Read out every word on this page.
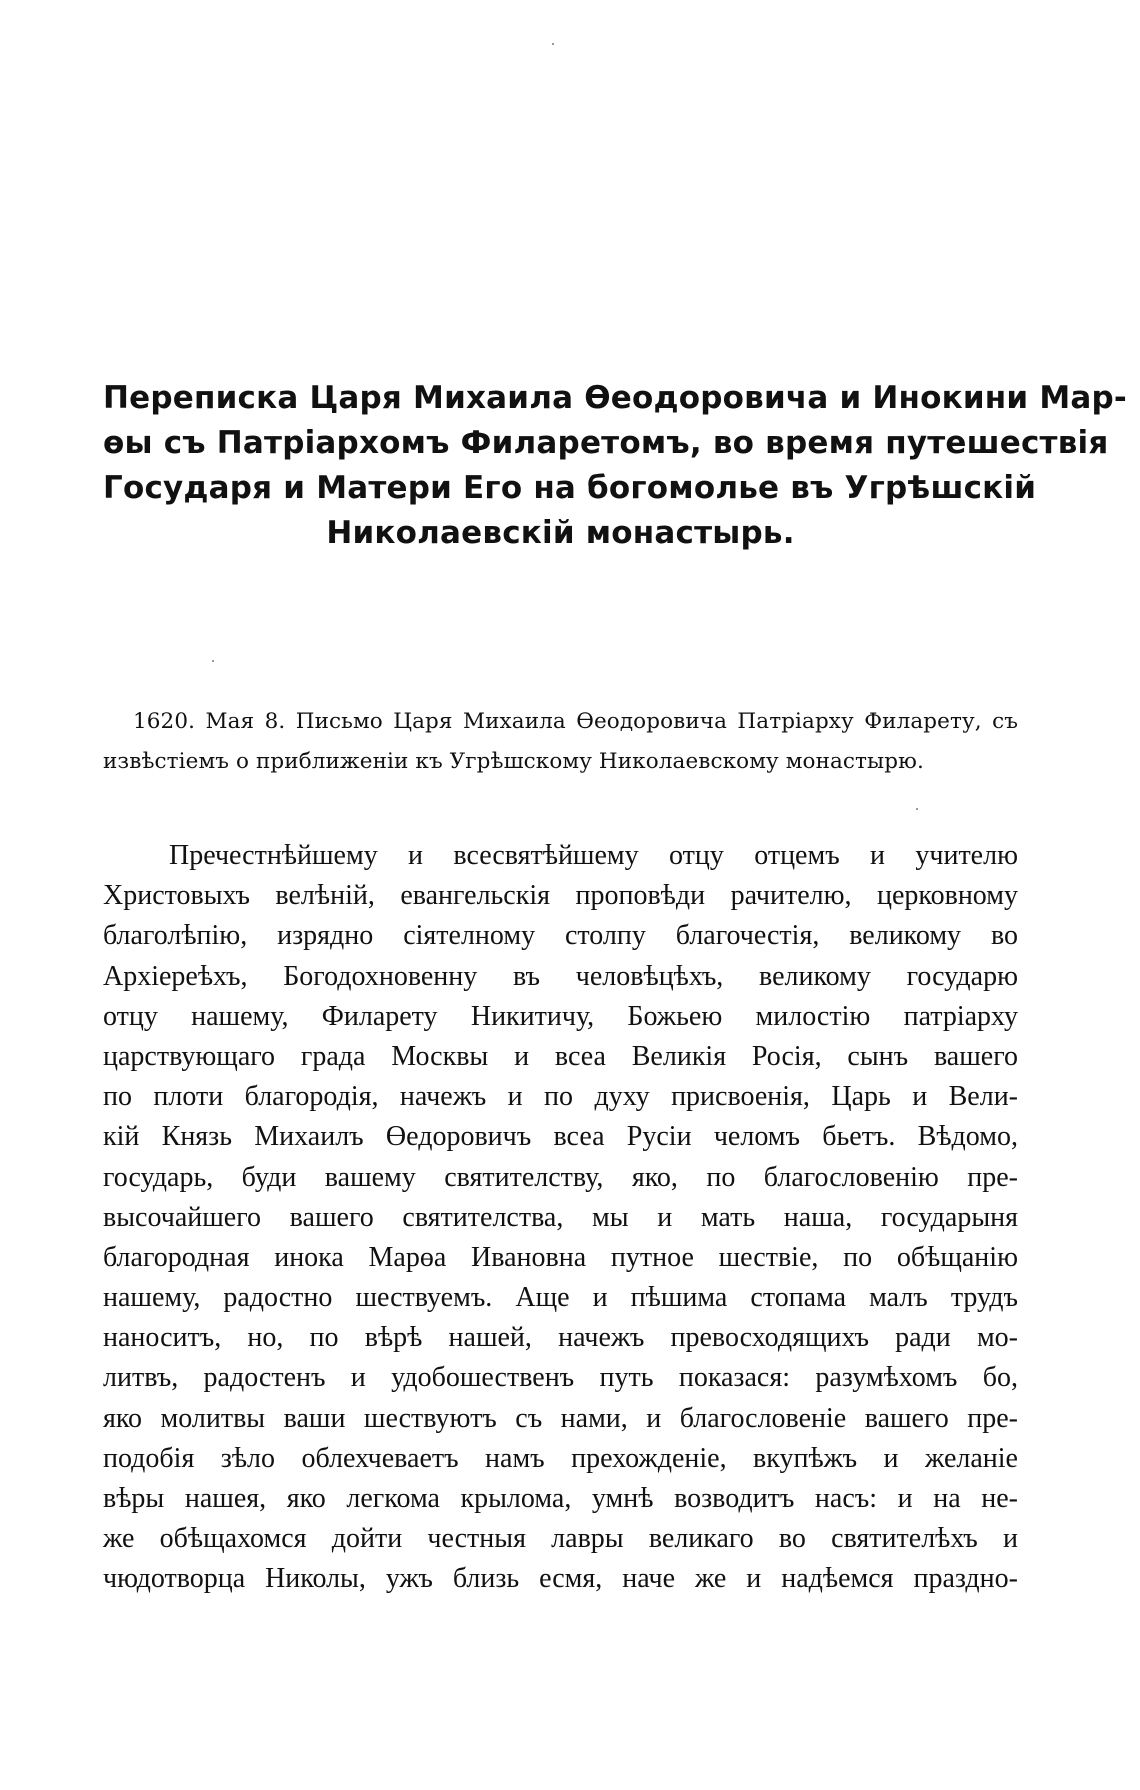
Переписка Царя Михаила Өеодоровича и Инокини Мар-
өы съ Патріархомъ Филаретомъ, во время путешествія
Государя и Матери Его на богомолье въ Угрѣшскій
Николаевскій монастырь.
1620. Мая 8. Письмо Царя Михаила Өеодоровича Патріарху Филарету, съ
извѣстіемъ о приближеніи къ Угрѣшскому Николаевскому монастырю.
Пречестнѣйшему и всесвятѣйшему отцу отцемъ и учителю
Христовыхъ велѣній, евангельскія проповѣди рачителю, церковному
благолѣпію, изрядно сіятелному столпу благочестія, великому во
Архіереѣхъ, Богодохновенну въ человѣцѣхъ, великому государю
отцу нашему, Филарету Никитичу, Божьею милостію патріарху
царствующаго града Москвы и всеа Великія Росія, сынъ вашего
по плоти благородія, начежъ и по духу присвоенія, Царь и Вели-
кій Князь Михаилъ Өедоровичъ всеа Русіи челомъ бьетъ. Вѣдомо,
государь, буди вашему святителству, яко, по благословенію пре-
высочайшего вашего святителства, мы и мать наша, государыня
благородная инока Марөа Ивановна путное шествіе, по обѣщанію
нашему, радостно шествуемъ. Аще и пѣшима стопама малъ трудъ
наноситъ, но, по вѣрѣ нашей, начежъ превосходящихъ ради мо-
литвъ, радостенъ и удобошественъ путь показася: разумѣхомъ бо,
яко молитвы ваши шествуютъ съ нами, и благословеніе вашего пре-
подобія зѣло облехчеваетъ намъ прехожденіе, вкупѣжъ и желаніе
вѣры нашея, яко легкома крылома, умнѣ возводитъ насъ: и на не-
же обѣщахомся дойти честныя лавры великаго во святителѣхъ и
чюдотворца Николы, ужъ близь есмя, наче же и надѣемся праздно-
